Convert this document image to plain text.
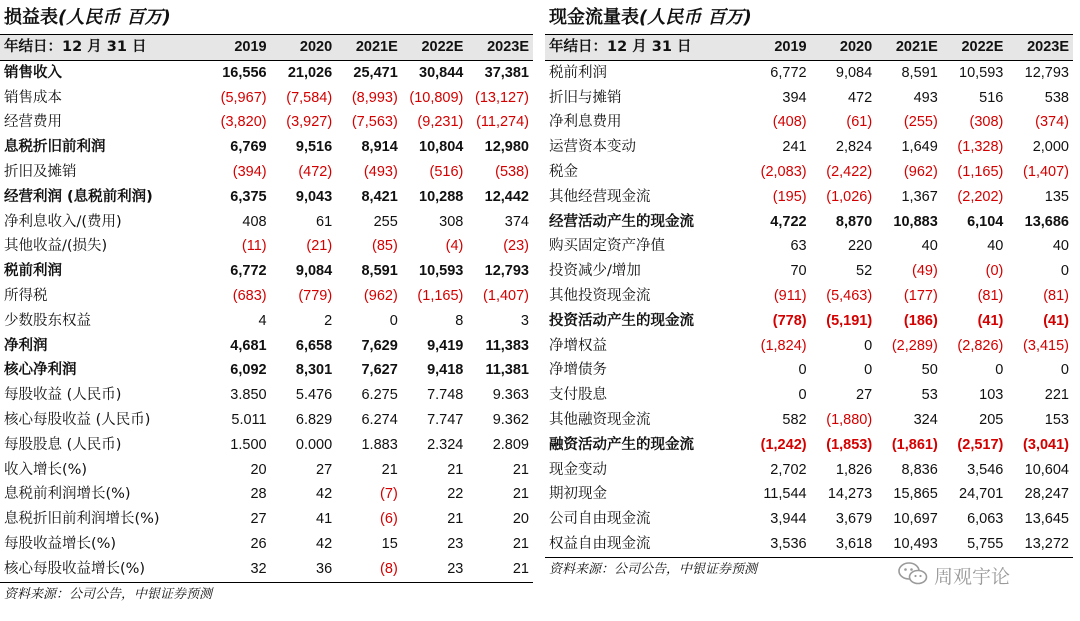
损益表(人民币 百万)
年结日：12 月 31 日	2019	2020	2021E	2022E	2023E
销售收入	16,556	21,026	25,471	30,844	37,381
销售成本	(5,967)	(7,584)	(8,993)	(10,809)	(13,127)
经营费用	(3,820)	(3,927)	(7,563)	(9,231)	(11,274)
息税折旧前利润	6,769	9,516	8,914	10,804	12,980
折旧及摊销	(394)	(472)	(493)	(516)	(538)
经营利润 (息税前利润)	6,375	9,043	8,421	10,288	12,442
净利息收入/(费用)	408	61	255	308	374
其他收益/(损失)	(11)	(21)	(85)	(4)	(23)
税前利润	6,772	9,084	8,591	10,593	12,793
所得税	(683)	(779)	(962)	(1,165)	(1,407)
少数股东权益	4	2	0	8	3
净利润	4,681	6,658	7,629	9,419	11,383
核心净利润	6,092	8,301	7,627	9,418	11,381
每股收益 (人民币)	3.850	5.476	6.275	7.748	9.363
核心每股收益 (人民币)	5.011	6.829	6.274	7.747	9.362
每股股息 (人民币)	1.500	0.000	1.883	2.324	2.809
收入增长(%)	20	27	21	21	21
息税前利润增长(%)	28	42	(7)	22	21
息税折旧前利润增长(%)	27	41	(6)	21	20
每股收益增长(%)	26	42	15	23	21
核心每股收益增长(%)	32	36	(8)	23	21
资料来源：公司公告，中银证券预测
现金流量表(人民币 百万)
年结日：12 月 31 日	2019	2020	2021E	2022E	2023E
税前利润	6,772	9,084	8,591	10,593	12,793
折旧与摊销	394	472	493	516	538
净利息费用	(408)	(61)	(255)	(308)	(374)
运营资本变动	241	2,824	1,649	(1,328)	2,000
税金	(2,083)	(2,422)	(962)	(1,165)	(1,407)
其他经营现金流	(195)	(1,026)	1,367	(2,202)	135
经营活动产生的现金流	4,722	8,870	10,883	6,104	13,686
购买固定资产净值	63	220	40	40	40
投资减少/增加	70	52	(49)	(0)	0
其他投资现金流	(911)	(5,463)	(177)	(81)	(81)
投资活动产生的现金流	(778)	(5,191)	(186)	(41)	(41)
净增权益	(1,824)	0	(2,289)	(2,826)	(3,415)
净增债务	0	0	50	0	0
支付股息	0	27	53	103	221
其他融资现金流	582	(1,880)	324	205	153
融资活动产生的现金流	(1,242)	(1,853)	(1,861)	(2,517)	(3,041)
现金变动	2,702	1,826	8,836	3,546	10,604
期初现金	11,544	14,273	15,865	24,701	28,247
公司自由现金流	3,944	3,679	10,697	6,063	13,645
权益自由现金流	3,536	3,618	10,493	5,755	13,272
资料来源：公司公告，中银证券预测	周观宇论
